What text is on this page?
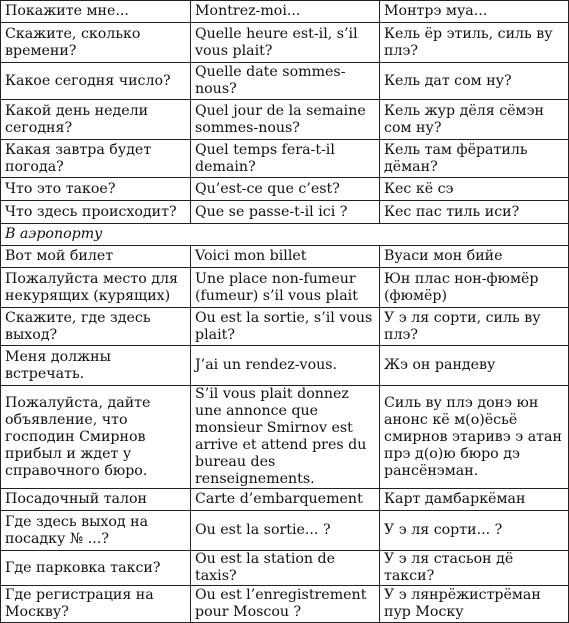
Покажите мне...	Montrez-moi...	Монтрэ муа...
Скажите, сколько времени?	Quelle heure est-il, s’il vous plait?	Кель ёр этиль, силь ву плэ?
Какое сегодня число?	Quelle date sommes-nous?	Кель дат сом ну?
Какой день недели сегодня?	Quel jour de la semaine sommes-nous?	Кель жур дёля сёмэн сом ну?
Какая завтра будет погода?	Quel temps fera-t-il demain?	Кель там фёратиль дёман?
Что это такое?	Qu’est-ce que c’est?	Кес кё сэ
Что здесь происходит?	Que se passe-t-il ici ?	Кес пас тиль иси?
В аэропорту		
Вот мой билет	Voici mon billet	Вуаси мон бийе
Пожалуйста место для некурящих (курящих)	Une place non-fumeur (fumeur) s’il vous plait	Юн плас нон-фюмёр (фюмёр)
Скажите, где здесь выход?	Ou est la sortie, s’il vous plait?	У э ля сорти, силь ву плэ?
Меня должны встречать.	J’ai un rendez-vous.	Жэ он рандеву
Пожалуйста, дайте объявление, что господин Смирнов прибыл и ждет у справочного бюро.	S’il vous plait donnez une annonce que monsieur Smirnov est arrive et attend pres du bureau des renseignements.	Силь ву плэ донэ юн анонс кё м(о)ёсьё смирнов этаривэ э атан прэ д(о)ю бюро дэ рансёнэман.
Посадочный талон	Carte d’embarquement	Карт дамбаркёман
Где здесь выход на посадку № ...?	Ou est la sortie... ?	У э ля сорти... ?
Где парковка такси?	Ou est la station de taxis?	У э ля стасьон дё такси?
Где регистрация на Москву?	Ou est l’enregistrement pour Moscou ?	У э лянрёжистрёман пур Моску
